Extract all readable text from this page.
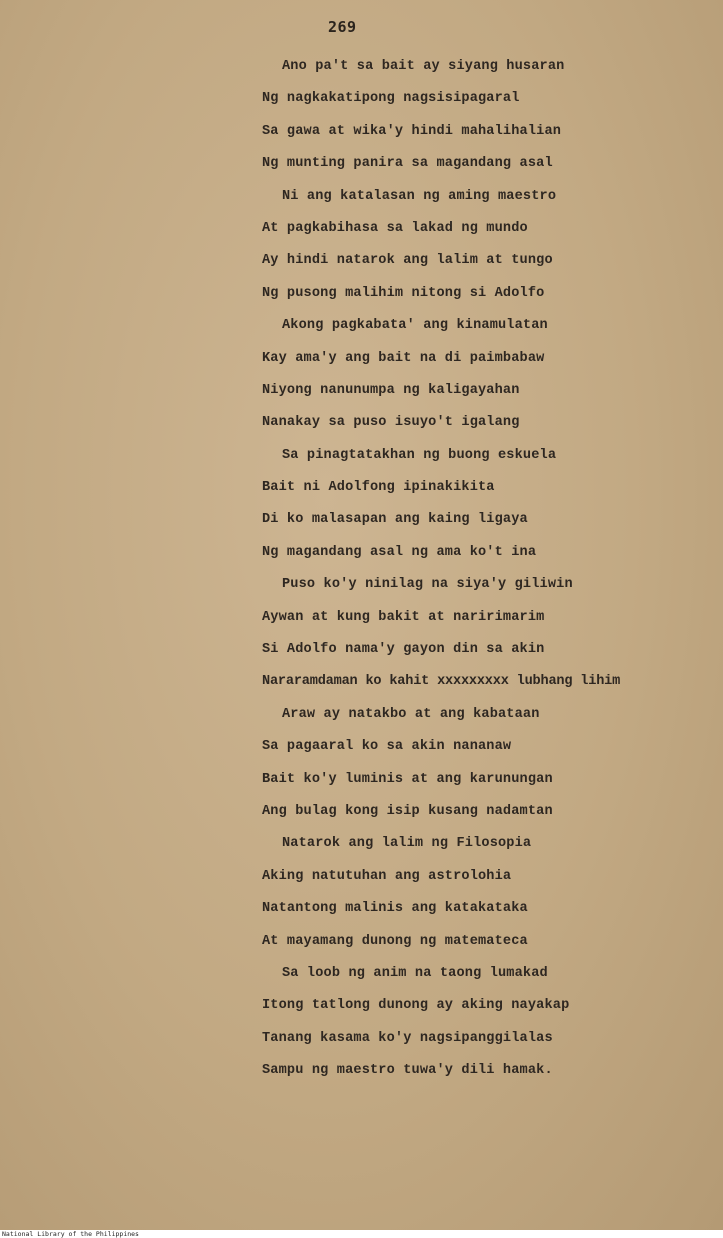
269
Ano pa't sa bait ay siyang husaran
Ng nagkakatipong nagsisipagaral
Sa gawa at wika'y hindi mahalihalian
Ng munting panira sa magandang asal
Ni ang katalasan ng aming maestro
At pagkabihasa sa lakad ng mundo
Ay hindi natarok ang lalim at tungo
Ng pusong malihim nitong si Adolfo
Akong pagkabata' ang kinamulatan
Kay ama'y ang bait na di paimbabaw
Niyong nanunumpa ng kaligayahan
Nanakay sa puso isuyo't igalang
Sa pinagtatakhan ng buong eskuela
Bait ni Adolfong ipinakikita
Di ko malasapan ang kaing ligaya
Ng magandang asal ng ama ko't ina
Puso ko'y ninilag na siya'y giliwin
Aywan at kung bakit at naririmarim
Si Adolfo nama'y gayon din sa akin
Nararamdaman ko kahit xxxxxxxxx lubhang lihim
Araw ay natakbo at ang kabataan
Sa pagaaral ko sa akin nananaw
Bait ko'y luminis at ang karunungan
Ang bulag kong isip kusang nadamtan
Natarok ang lalim ng Filosopia
Aking natutuhan ang astrolohia
Natantong malinis ang katakataka
At mayamang dunong ng matemateca
Sa loob ng anim na taong lumakad
Itong tatlong dunong ay aking nayakap
Tanang kasama ko'y nagsipanggilalas
Sampu ng maestro tuwa'y dili hamak.
National Library of the Philippines
